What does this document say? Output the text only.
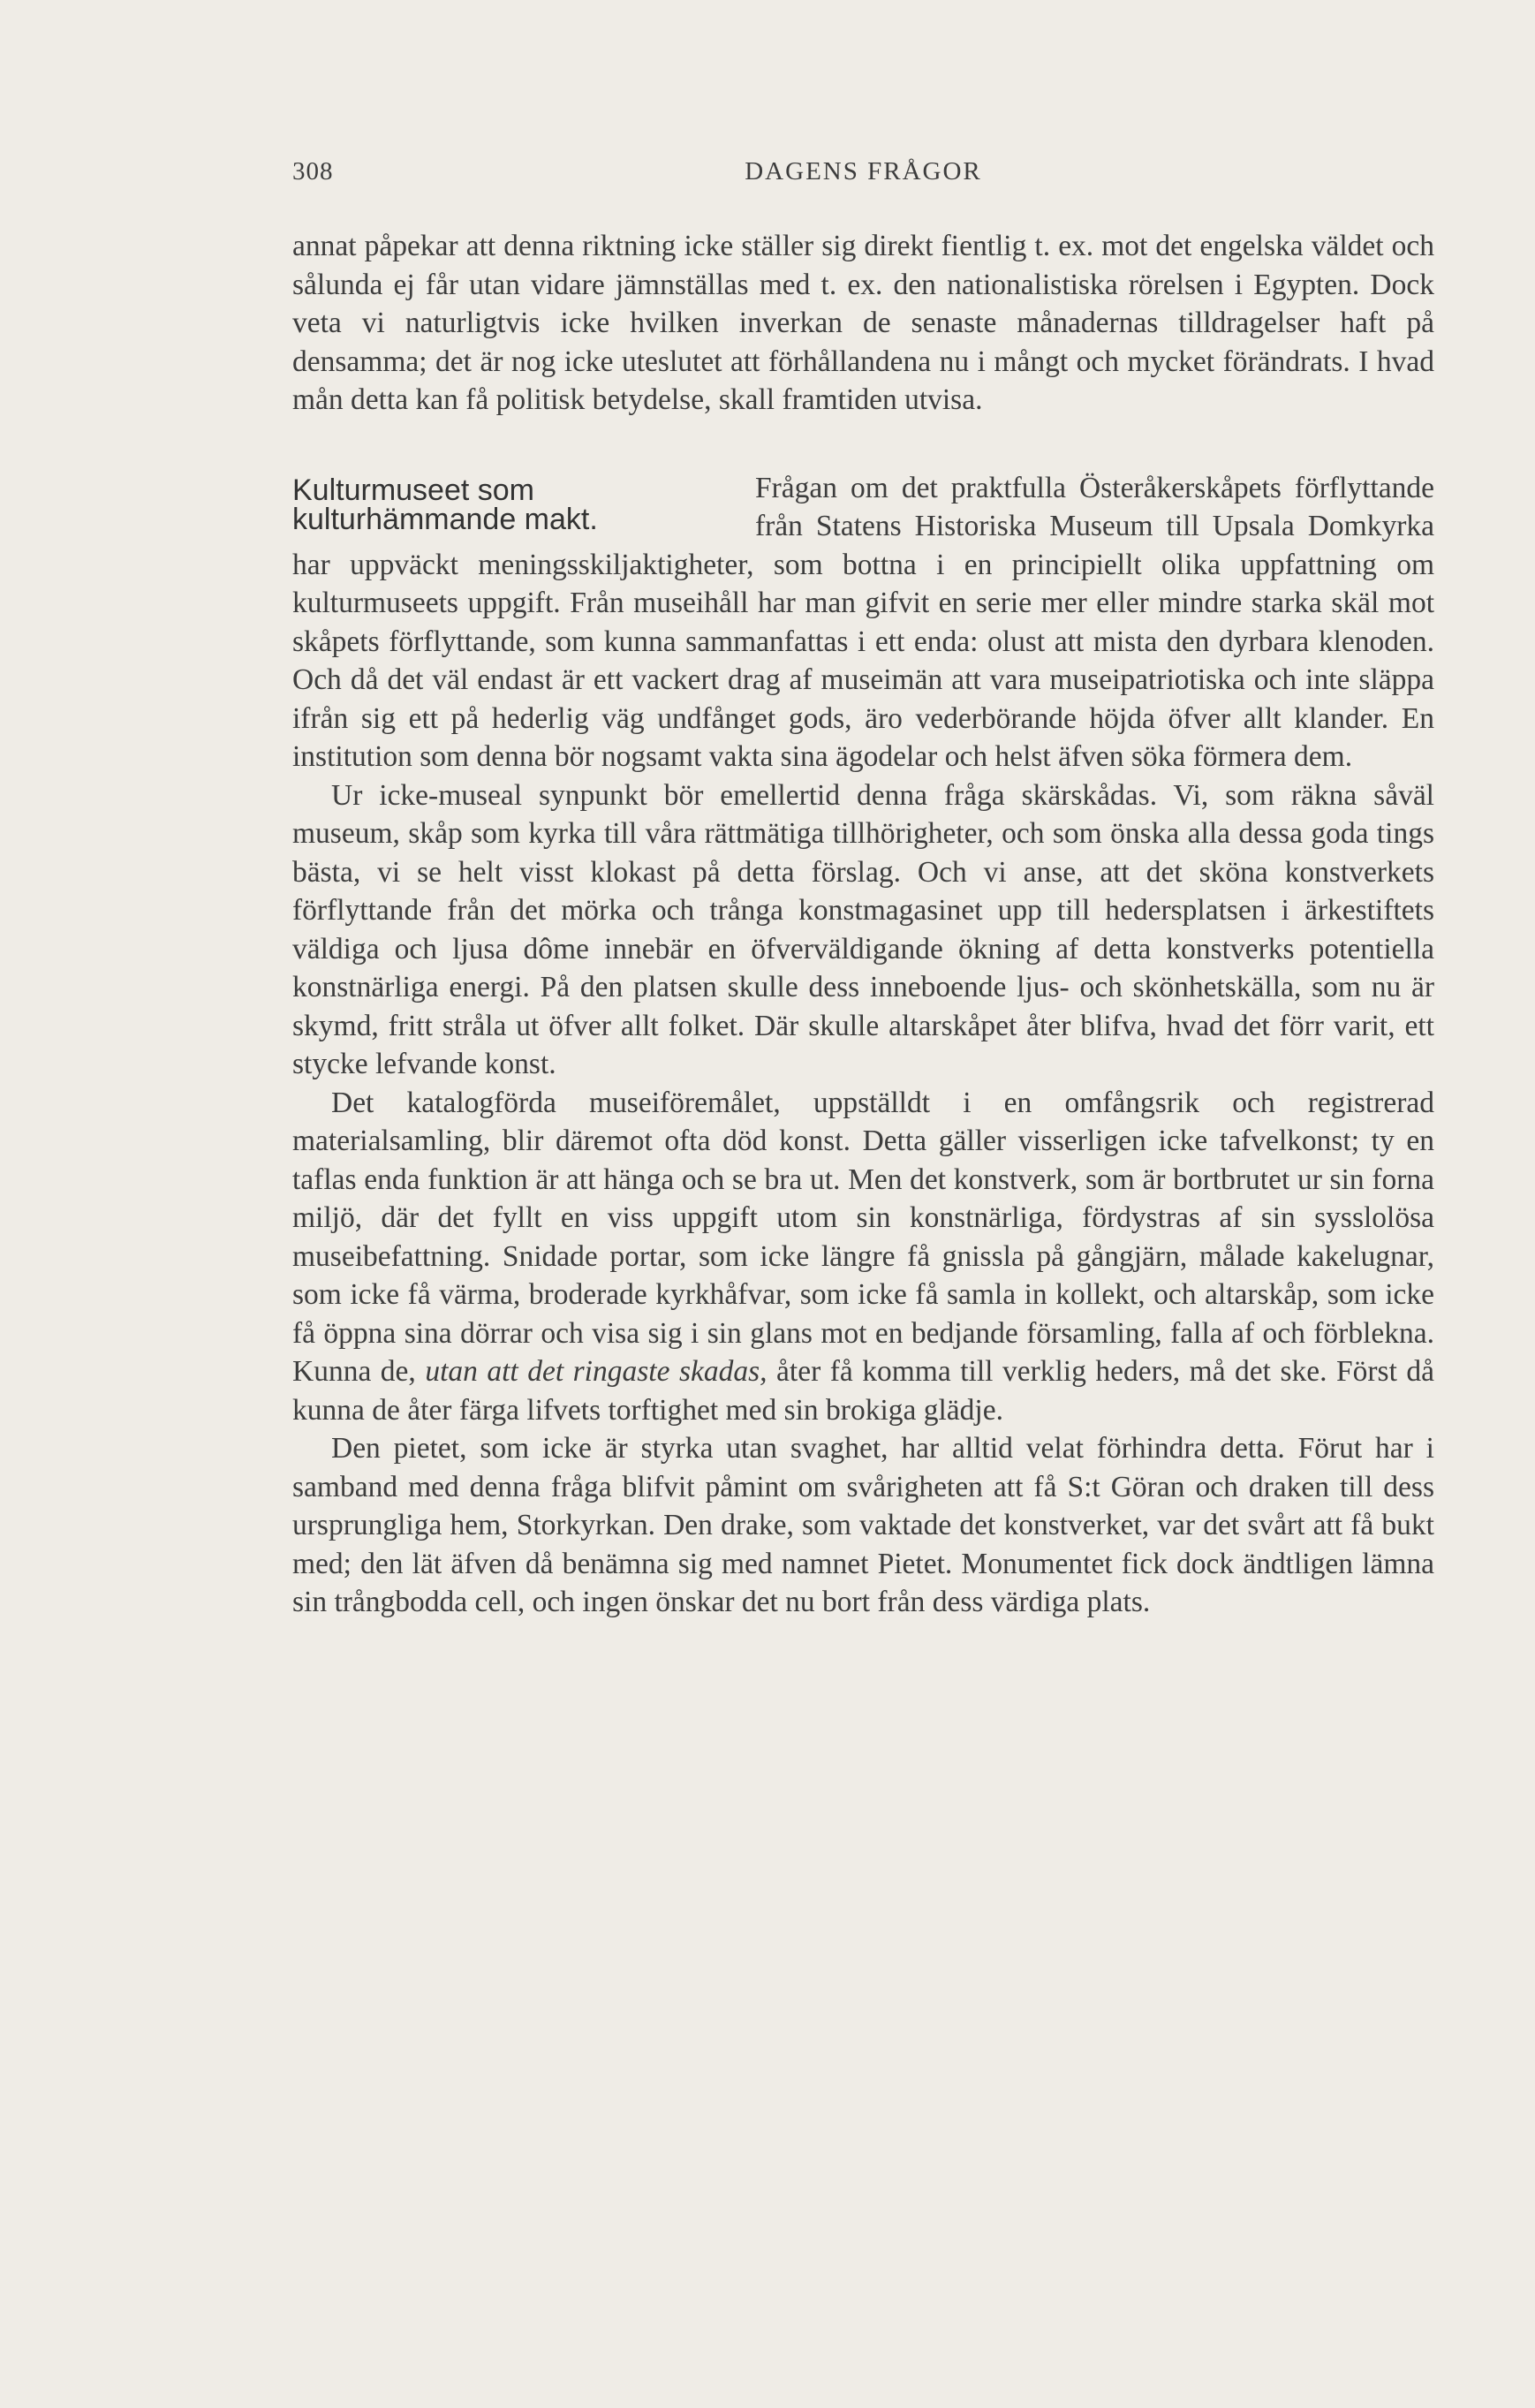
308	DAGENS FRÅGOR

annat påpekar att denna riktning icke ställer sig direkt fientlig t. ex. mot det engelska väldet och sålunda ej får utan vidare jämnställas med t. ex. den nationalistiska rörelsen i Egypten. Dock veta vi naturligtvis icke hvilken inverkan de senaste månadernas tilldragelser haft på densamma; det är nog icke uteslutet att förhållandena nu i mångt och mycket förändrats. I hvad mån detta kan få politisk betydelse, skall framtiden utvisa.

Kulturmuseet som kulturhämmande makt.

Frågan om det praktfulla Österåkerskåpets förflyttande från Statens Historiska Museum till Upsala Domkyrka har uppväckt meningsskiljaktigheter, som bottna i en principiellt olika uppfattning om kulturmuseets uppgift. Från museihåll har man gifvit en serie mer eller mindre starka skäl mot skåpets förflyttande, som kunna sammanfattas i ett enda: olust att mista den dyrbara klenoden. Och då det väl endast är ett vackert drag af museimän att vara museipatriotiska och inte släppa ifrån sig ett på hederlig väg undfånget gods, äro vederbörande höjda öfver allt klander. En institution som denna bör nogsamt vakta sina ägodelar och helst äfven söka förmera dem.

Ur icke-museal synpunkt bör emellertid denna fråga skärskådas. Vi, som räkna såväl museum, skåp som kyrka till våra rättmätiga tillhörigheter, och som önska alla dessa goda tings bästa, vi se helt visst klokast på detta förslag. Och vi anse, att det sköna konstverkets förflyttande från det mörka och trånga konstmagasinet upp till hedersplatsen i ärkestiftets väldiga och ljusa dôme innebär en öfverväldigande ökning af detta konstverks potentiella konstnärliga energi. På den platsen skulle dess inneboende ljus- och skönhetskälla, som nu är skymd, fritt stråla ut öfver allt folket. Där skulle altarskåpet åter blifva, hvad det förr varit, ett stycke lefvande konst.

Det katalogförda museiföremålet, uppställdt i en omfångsrik och registrerad materialsamling, blir däremot ofta död konst. Detta gäller visserligen icke tafvelkonst; ty en taflas enda funktion är att hänga och se bra ut. Men det konstverk, som är bortbrutet ur sin forna miljö, där det fyllt en viss uppgift utom sin konstnärliga, fördystras af sin sysslolösa museibefattning. Snidade portar, som icke längre få gnissla på gångjärn, målade kakelugnar, som icke få värma, broderade kyrkhåfvar, som icke få samla in kollekt, och altarskåp, som icke få öppna sina dörrar och visa sig i sin glans mot en bedjande församling, falla af och förblekna. Kunna de, utan att det ringaste skadas, åter få komma till verklig heders, må det ske. Först då kunna de åter färga lifvets torftighet med sin brokiga glädje.

Den pietet, som icke är styrka utan svaghet, har alltid velat förhindra detta. Förut har i samband med denna fråga blifvit påmint om svårigheten att få S:t Göran och draken till dess ursprungliga hem, Storkyrkan. Den drake, som vaktade det konstverket, var det svårt att få bukt med; den lät äfven då benämna sig med namnet Pietet. Monumentet fick dock ändtligen lämna sin trångbodda cell, och ingen önskar det nu bort från dess värdiga plats.
